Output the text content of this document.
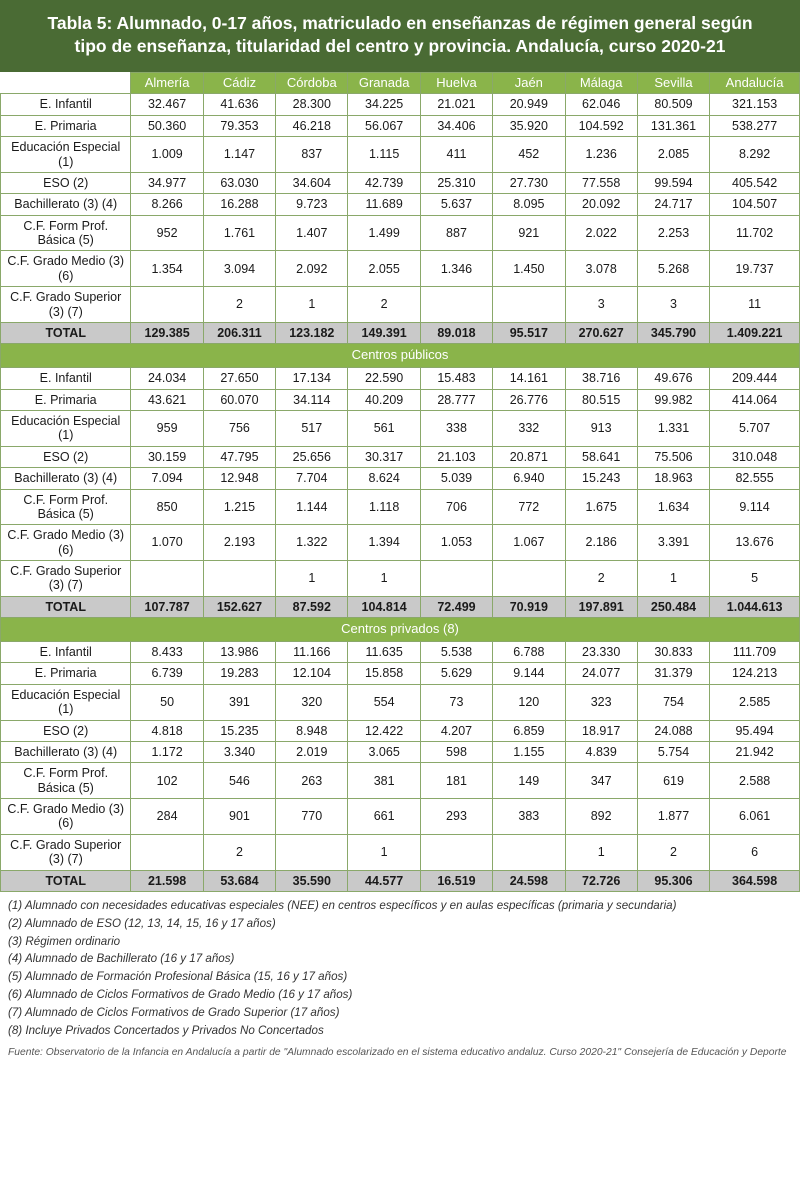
Tabla 5: Alumnado, 0-17 años, matriculado en enseñanzas de régimen general según tipo de enseñanza, titularidad del centro y provincia. Andalucía, curso 2020-21
	Almería	Cádiz	Córdoba	Granada	Huelva	Jaén	Málaga	Sevilla	Andalucía
E. Infantil	32.467	41.636	28.300	34.225	21.021	20.949	62.046	80.509	321.153
E. Primaria	50.360	79.353	46.218	56.067	34.406	35.920	104.592	131.361	538.277
Educación Especial (1)	1.009	1.147	837	1.115	411	452	1.236	2.085	8.292
ESO (2)	34.977	63.030	34.604	42.739	25.310	27.730	77.558	99.594	405.542
Bachillerato (3) (4)	8.266	16.288	9.723	11.689	5.637	8.095	20.092	24.717	104.507
C.F. Form Prof. Básica (5)	952	1.761	1.407	1.499	887	921	2.022	2.253	11.702
C.F. Grado Medio (3) (6)	1.354	3.094	2.092	2.055	1.346	1.450	3.078	5.268	19.737
C.F. Grado Superior (3) (7)		2	1	2			3	3	11
TOTAL	129.385	206.311	123.182	149.391	89.018	95.517	270.627	345.790	1.409.221
Centros públicos									
E. Infantil	24.034	27.650	17.134	22.590	15.483	14.161	38.716	49.676	209.444
E. Primaria	43.621	60.070	34.114	40.209	28.777	26.776	80.515	99.982	414.064
Educación Especial (1)	959	756	517	561	338	332	913	1.331	5.707
ESO (2)	30.159	47.795	25.656	30.317	21.103	20.871	58.641	75.506	310.048
Bachillerato (3) (4)	7.094	12.948	7.704	8.624	5.039	6.940	15.243	18.963	82.555
C.F. Form Prof. Básica (5)	850	1.215	1.144	1.118	706	772	1.675	1.634	9.114
C.F. Grado Medio (3) (6)	1.070	2.193	1.322	1.394	1.053	1.067	2.186	3.391	13.676
C.F. Grado Superior (3) (7)			1	1			2	1	5
TOTAL	107.787	152.627	87.592	104.814	72.499	70.919	197.891	250.484	1.044.613
Centros privados (8)									
E. Infantil	8.433	13.986	11.166	11.635	5.538	6.788	23.330	30.833	111.709
E. Primaria	6.739	19.283	12.104	15.858	5.629	9.144	24.077	31.379	124.213
Educación Especial (1)	50	391	320	554	73	120	323	754	2.585
ESO (2)	4.818	15.235	8.948	12.422	4.207	6.859	18.917	24.088	95.494
Bachillerato (3) (4)	1.172	3.340	2.019	3.065	598	1.155	4.839	5.754	21.942
C.F. Form Prof. Básica (5)	102	546	263	381	181	149	347	619	2.588
C.F. Grado Medio (3) (6)	284	901	770	661	293	383	892	1.877	6.061
C.F. Grado Superior (3) (7)		2		1			1	2	6
TOTAL	21.598	53.684	35.590	44.577	16.519	24.598	72.726	95.306	364.598
(1) Alumnado con necesidades educativas especiales (NEE) en centros específicos y en aulas específicas (primaria y secundaria)
(2) Alumnado de ESO (12, 13, 14, 15, 16 y 17 años)
(3) Régimen ordinario
(4) Alumnado de Bachillerato (16 y 17 años)
(5) Alumnado de Formación Profesional Básica (15, 16 y 17 años)
(6) Alumnado de Ciclos Formativos de Grado Medio (16 y 17 años)
(7) Alumnado de Ciclos Formativos de Grado Superior (17 años)
(8) Incluye Privados Concertados y Privados No Concertados
Fuente: Observatorio de la Infancia en Andalucía a partir de "Alumnado escolarizado en el sistema educativo andaluz. Curso 2020-21" Consejería de Educación y Deporte
